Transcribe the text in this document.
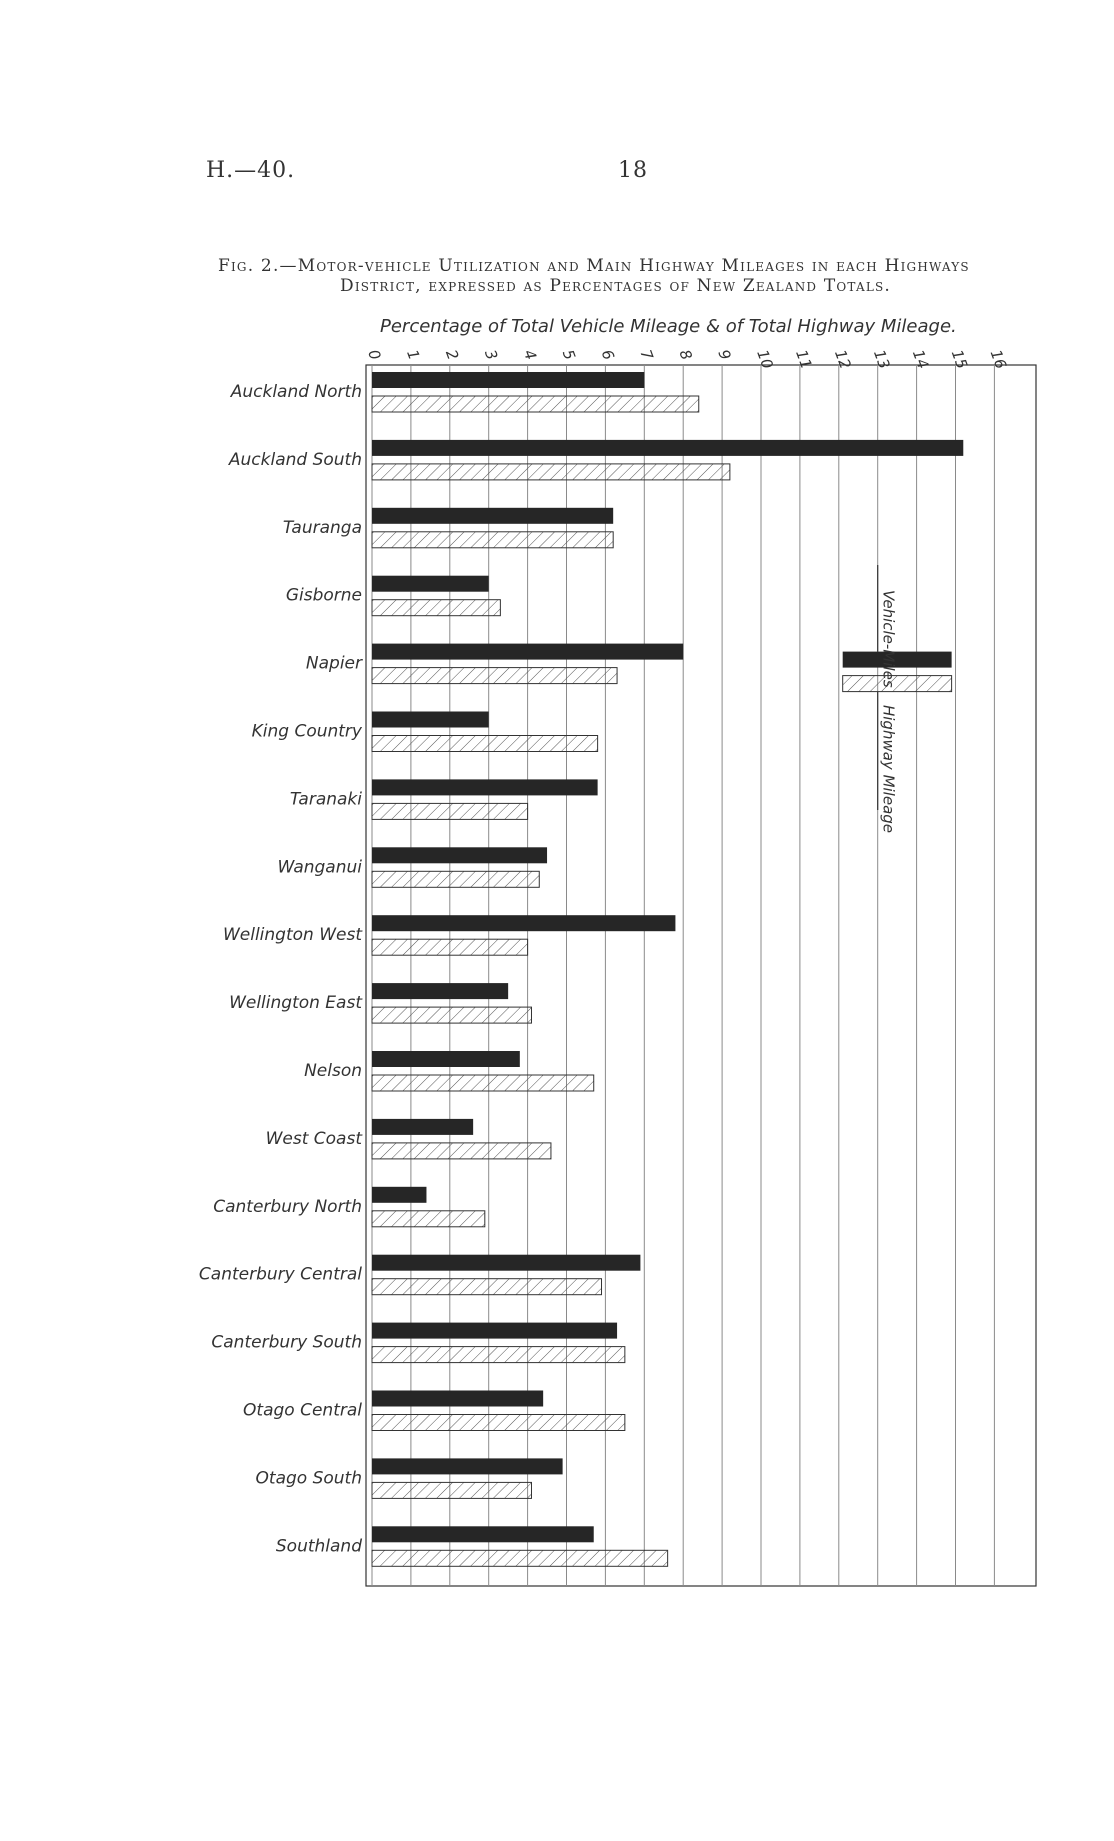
H.—40.	18
Fig. 2.—Motor-vehicle Utilization and Main Highway Mileages in each Highways
District, expressed as Percentages of New Zealand Totals.
Percentage of Total Vehicle Mileage & of Total Highway Mileage.
0 1 2 3 4 5 6 7 8 9 10 11 12 13 14 15 16
Auckland North
Auckland South
Tauranga
Gisborne
Napier
King Country
Taranaki
Wanganui
Wellington West
Wellington East
Nelson
West Coast
Canterbury North
Canterbury Central
Canterbury South
Otago Central
Otago South
Southland
Vehicle-Miles
Highway Mileage
